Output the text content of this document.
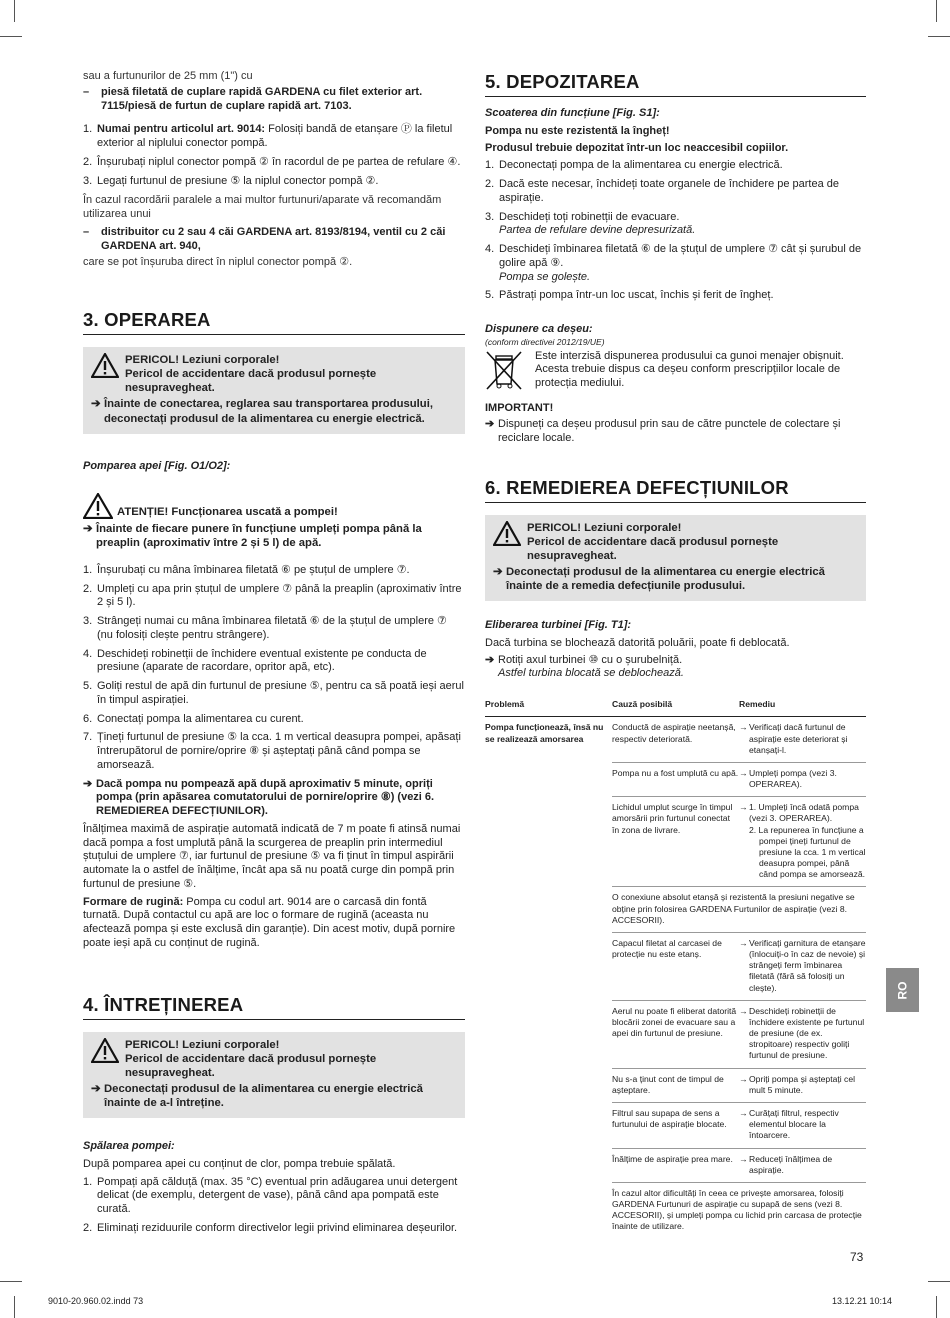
sau a furtunurilor de 25 mm (1") cu

–	piesă filetată de cuplare rapidă GARDENA cu filet exterior art. 7115/piesă de furtun de cuplare rapidă art. 7103.
1. Numai pentru articolul art. 9014: Folosiți bandă de etanșare Ⓟ la filetul exterior al niplului conector pompă.
2. Înșurubați niplul conector pompă ② în racordul de pe partea de refulare ④.
3. Legați furtunul de presiune ⑤ la niplul conector pompă ②.

În cazul racordării paralele a mai multor furtunuri/aparate vă recomandăm utilizarea unui

–	distribuitor cu 2 sau 4 căi GARDENA art. 8193/8194, ventil cu 2 căi GARDENA art. 940,

care se pot înșuruba direct în niplul conector pompă ②.

3. OPERAREA
PERICOL! Leziuni corporale!
Pericol de accidentare dacă produsul pornește nesupravegheat.
➔ Înainte de conectarea, reglarea sau transportarea produsului, deconectați produsul de la alimentarea cu energie electrică.

Pomparea apei [Fig. O1/O2]:

ATENȚIE! Funcționarea uscată a pompei!
➔ Înainte de fiecare punere în funcțiune umpleți pompa până la preaplin (aproximativ între 2 și 5 l) de apă.
1. Înșurubați cu mâna îmbinarea filetată ⑥ pe ștuțul de umplere ⑦.
2. Umpleți cu apa prin ștuțul de umplere ⑦ până la preaplin (aproximativ între 2 și 5 l).
3. Strângeți numai cu mâna îmbinarea filetată ⑥ de la ștuțul de umplere ⑦ (nu folosiți clește pentru strângere).
4. Deschideți robinetții de închidere eventual existente pe conducta de presiune (aparate de racordare, opritor apă, etc).
5. Goliți restul de apă din furtunul de presiune ⑤, pentru ca să poată ieși aerul în timpul aspirației.
6. Conectați pompa la alimentarea cu curent.
7. Țineți furtunul de presiune ⑤ la cca. 1 m vertical deasupra pompei, apăsați întrerupătorul de pornire/oprire ⑧ și așteptați până când pompa se amorsează.
➔ Dacă pompa nu pompează apă după aproximativ 5 minute, opriți pompa (prin apăsarea comutatorului de pornire/oprire ⑧) (vezi 6. REMEDIEREA DEFECȚIUNILOR).

Înălțimea maximă de aspirație automată indicată de 7 m poate fi atinsă numai dacă pompa a fost umplută până la scurgerea de preaplin prin intermediul ștuțului de umplere ⑦, iar furtunul de presiune ⑤ va fi ținut în timpul aspirării automate la o astfel de înălțime, încât apa să nu poată curge din pompă prin furtunul de presiune ⑤.

Formare de rugină: Pompa cu codul art. 9014 are o carcasă din fontă turnată. După contactul cu apă are loc o formare de rugină (aceasta nu afectează pompa și este exclusă din garanție). Din acest motiv, după pornire poate ieși apă cu conținut de rugină.

4. ÎNTREȚINEREA
PERICOL! Leziuni corporale!
Pericol de accidentare dacă produsul pornește nesupravegheat.
➔ Deconectați produsul de la alimentarea cu energie electrică înainte de a-l întreține.

Spălarea pompei:

După pomparea apei cu conținut de clor, pompa trebuie spălată.

1. Pompați apă călduță (max. 35 °C) eventual prin adăugarea unui detergent delicat (de exemplu, detergent de vase), până când apa pompată este curată.
2. Eliminați reziduurile conform directivelor legii privind eliminarea deșeurilor.
5. DEPOZITAREA

Scoaterea din funcțiune [Fig. S1]:

Pompa nu este rezistentă la îngheț!

Produsul trebuie depozitat într-un loc neaccesibil copiilor.

1. Deconectați pompa de la alimentarea cu energie electrică.
2. Dacă este necesar, închideți toate organele de închidere pe partea de aspirație.
3. Deschideți toți robinetții de evacuare.
Partea de refulare devine depresurizată.
4. Deschideți îmbinarea filetată ⑥ de la ștuțul de umplere ⑦ cât și șurubul de golire apă ⑨.
Pompa se golește.
5. Păstrați pompa într-un loc uscat, închis și ferit de îngheț.

Dispunere ca deșeu:

(conform directivei 2012/19/UE)

Este interzisă dispunerea produsului ca gunoi menajer obișnuit. Acesta trebuie dispus ca deșeu conform prescripțiilor locale de protecția mediului.

IMPORTANT!

➔ Dispuneți ca deșeu produsul prin sau de către punctele de colectare și reciclare locale.
6. REMEDIEREA DEFECȚIUNILOR
PERICOL! Leziuni corporale!
Pericol de accidentare dacă produsul pornește nesupravegheat.
➔ Deconectați produsul de la alimentarea cu energie electrică înainte de a remedia defecțiunile produsului.

Eliberarea turbinei [Fig. T1]:

Dacă turbina se blochează datorită poluării, poate fi deblocată.

➔ Rotiți axul turbinei ⑩ cu o șurubelniță.
Astfel turbina blocată se deblochează.
Problemă	Cauză posibilă	Remediu
Pompa funcționează, însă nu se realizează amorsarea	Conductă de aspirație neetanșă, respectiv deteriorată.	→ Verificați dacă furtunul de aspirație este deteriorat și etanșați-l.

	Pompa nu a fost umplută cu apă.	→ Umpleți pompa (vezi 3. OPERAREA).

	Lichidul umplut scurge în timpul amorsării prin furtunul conectat în zona de livrare.	→ 1. Umpleți încă odată pompa (vezi 3. OPERAREA).
2. La repunerea în funcțiune a pompei țineți furtunul de presiune la cca. 1 m vertical deasupra pompei, până când pompa se amorsează.

	O conexiune absolut etanșă și rezistentă la presiuni negative se obține prin folosirea GARDENA Furtunilor de aspirație (vezi 8. ACCESORII).	
	Capacul filetat al carcasei de protecție nu este etanș.	→ Verificați garnitura de etanșare (înlocuiți-o în caz de nevoie) și strângeți ferm îmbinarea filetată (fără să folosiți un clește).

	Aerul nu poate fi eliberat datorită blocării zonei de evacuare sau a apei din furtunul de presiune.	→ Deschideți robinetții de închidere existente pe furtunul de presiune (de ex. stropitoare) respectiv goliți furtunul de presiune.

	Nu s-a ținut cont de timpul de așteptare.	→ Opriți pompa și așteptați cel mult 5 minute.

	Filtrul sau supapa de sens a furtunului de aspirație blocate.	→ Curățați filtrul, respectiv elementul blocare la întoarcere.

	Înălțime de aspirație prea mare.	→ Reduceți înălțimea de aspirație.

	În cazul altor dificultăți în ceea ce privește amorsarea, folosiți GARDENA Furtunuri de aspirație cu supapă de sens (vezi 8. ACCESORII), și umpleți pompa cu lichid prin carcasa de protecție înainte de utilizare.	
RO
73
9010-20.960.02.indd 73	13.12.21 10:14
